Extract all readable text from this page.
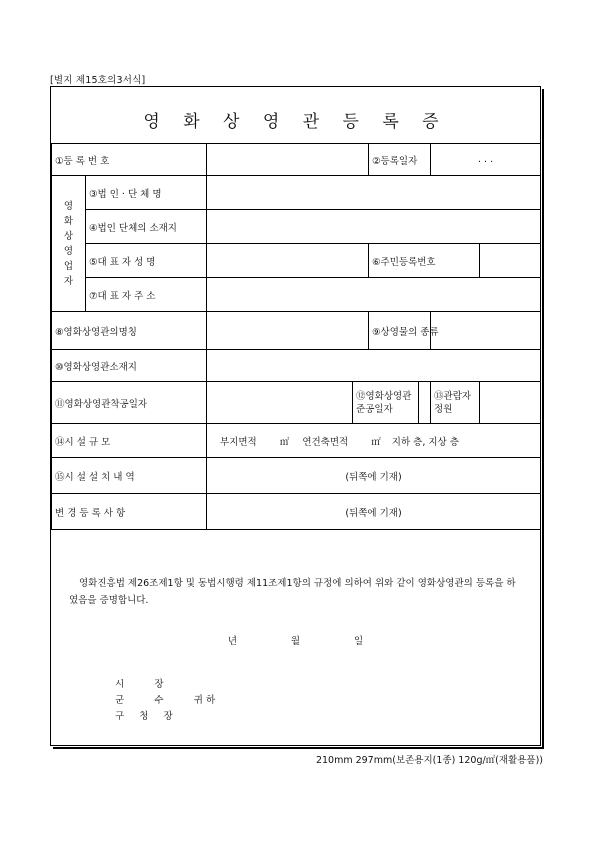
[별지 제15호의3서식]
영 화 상 영 관 등 록 증
①등 록 번 호				②등록일자		. . .	

영 화 상 영 업 자	③법 인 · 단 체 명						
	④법인 단체의 소재지						
	⑤대 표 자 성 명			⑥주민등록번호			
	⑦대 표 자 주 소						
⑧영화상영관의명칭				⑨상영물의 종류			
⑩영화상영관소재지							
⑪영화상영관착공일자			⑫영화상영관 준공일자			⑬관람자 정원	
⑭시 설 규 모		부지면적 ㎡ 연건축면적 ㎡ 지하 층, 지상 층					
⑮시 설 설 치 내 역		(뒤쪽에 기재)					
변 경 등 록 사 항		(뒤쪽에 기재)					
영화진흥법 제26조제1항 및 동법시행령 제11조제1항의 규정에 의하여 위와 같이 영화상영관의 등록을 하였음을 증명합니다.
년	월	일
시          장
군          수          귀 하
구     청     장
210mm 297mm(보존용지(1종) 120g/㎡(재활용품))
